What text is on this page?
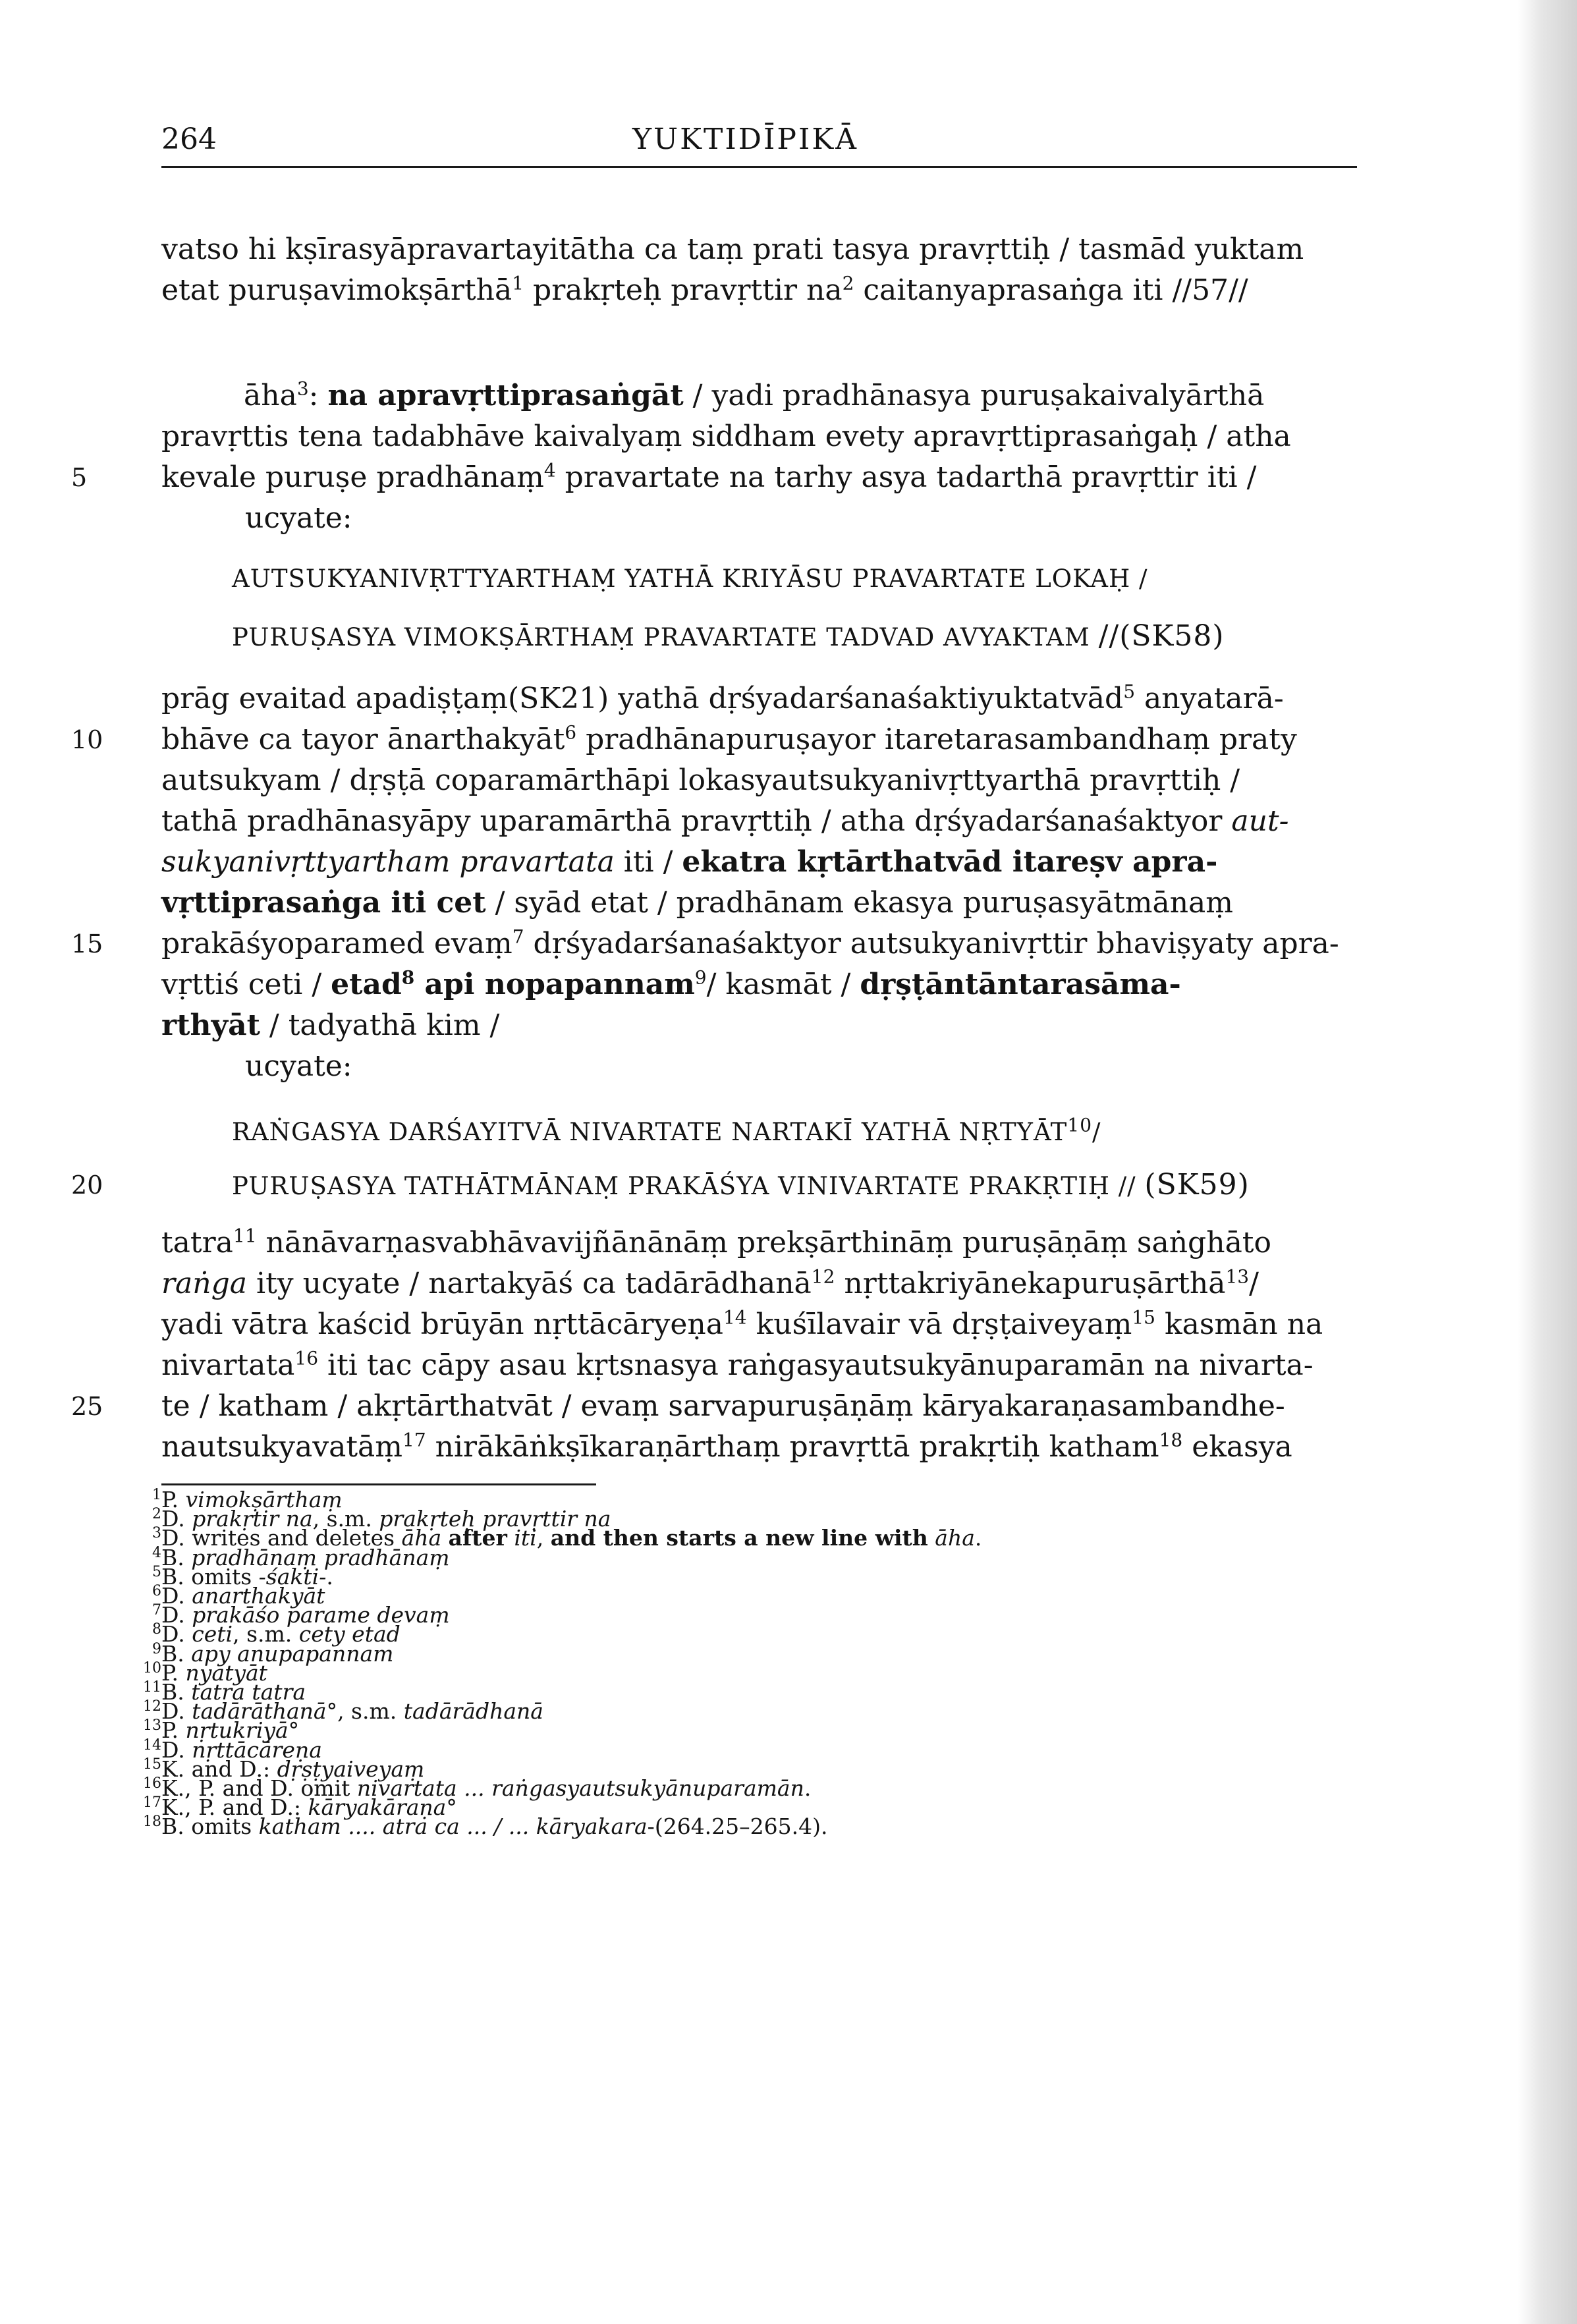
264	YUKTIDĪPIKĀ
vatso hi kṣīrasyāpravartayitātha ca taṃ prati tasya pravṛttiḥ / tasmād yuktam
etat puruṣavimokṣārthā$^1$ prakṛteḥ pravṛttir $na^2$ caitanyaprasaṅga iti //57//
āha$^3$: na apravṛttiprasaṅgāt / yadi pradhānasya puruṣakaivalyārthā
pravṛttis tena tadabhāve kaivalyaṃ siddham evety apravṛttiprasaṅgaḥ / atha
kevale puruṣe pradhānaṃ$^4$ pravartate na tarhy asya tadarthā pravṛttir iti /
ucyate:
AUTSUKYANIVṚTTYARTHAṂ YATHĀ KRIYĀSU PRAVARTATE LOKAḤ /
PURUṢASYA VIMOKṢĀRTHAṂ PRAVARTATE TADVAD AVYAKTAM //(SK58)
prāg evaitad apadiṣṭaṃ(SK21) yathā dṛśyadarśanaśaktiyuktatvād$^5$ anyatarā-
bhāve ca tayor ānarthakyāt$^6$ pradhānapuruṣayor itaretarasambandhaṃ praty
autsukyam / dṛṣṭā coparamārthāpi lokasyautsukyanivṛttyarthā pravṛttiḥ /
tathā pradhānasyāpy uparamārthā pravṛttiḥ / atha dṛśyadarśanaśaktyor aut-
sukyanivṛttyartham pravartata iti / ekatra kṛtārthatvād itareṣv apra-
vṛttiprasaṅga iti cet / syād etat / pradhānam ekasya puruṣasyātmānaṃ
prakāśyoparamed evaṃ$^7$ dṛśyadarśanaśaktyor autsukyanivṛttir bhaviṣyaty apra-
vṛttiś ceti / etad$^8$ api nopapannam$^9$/ kasmāt / dṛṣṭāntāntarasāma-
rthyāt / tadyathā kim /
ucyate:
RAṄGASYA DARŚAYITVĀ NIVARTATE NARTAKĪ YATHĀ NṚTYĀT$^{10}$/
PURUṢASYA TATHĀTMĀNAṂ PRAKĀŚYA VINIVARTATE PRAKṚTIḤ // (SK59)
tatra$^{11}$ nānāvarṇasvabhāvavijñānānāṃ prekṣārthināṃ puruṣāṇāṃ saṅghāto
raṅga ity ucyate / nartakyāś ca tadārādhanā$^{12}$ nṛttakriyānekapuruṣārthā$^{13}$/
yadi vātra kaścid brūyān nṛttācāryeṇa$^{14}$ kuśīlavair vā dṛṣṭaiveyaṃ$^{15}$ kasmān na
nivartata$^{16}$ iti tac cāpy asau kṛtsnasya raṅgasyautsukyānuparamān na nivarta-
te / katham / akṛtārthatvāt / evaṃ sarvapuruṣāṇāṃ kāryakaraṇasambandhe-
nautsukyavatāṃ$^{17}$ nirākāṅkṣīkaraṇārthaṃ pravṛttā prakṛtiḥ katham$^{18}$ ekasya
5
10
15
20
25
$^1$P. vimokṣārthaṃ
$^2$D. prakṛtir na, s.m. prakṛteḥ pravṛttir na
$^3$D. writes and deletes āha after iti, and then starts a new line with āha.
$^4$B. pradhānaṃ pradhānaṃ
$^5$B. omits -śakti-.
$^6$D. anarthakyāt
$^7$D. prakāśo parame devaṃ
$^8$D. ceti, s.m. cety etad
$^9$B. apy anupapannam
$^{10}$P. nyatyāt
$^{11}$B. tatra tatra
$^{12}$D. tadārāthanā°, s.m. tadārādhanā
$^{13}$P. nṛtukriyā°
$^{14}$D. nṛttācāreṇa
$^{15}$K. and D.: dṛṣṭyaiveyaṃ
$^{16}$K., P. and D. omit nivartata ... raṅgasyautsukyānuparamān.
$^{17}$K., P. and D.: kāryakāraṇa°
$^{18}$B. omits katham .... atra ca ... / ... kāryakara-(264.25–265.4).
